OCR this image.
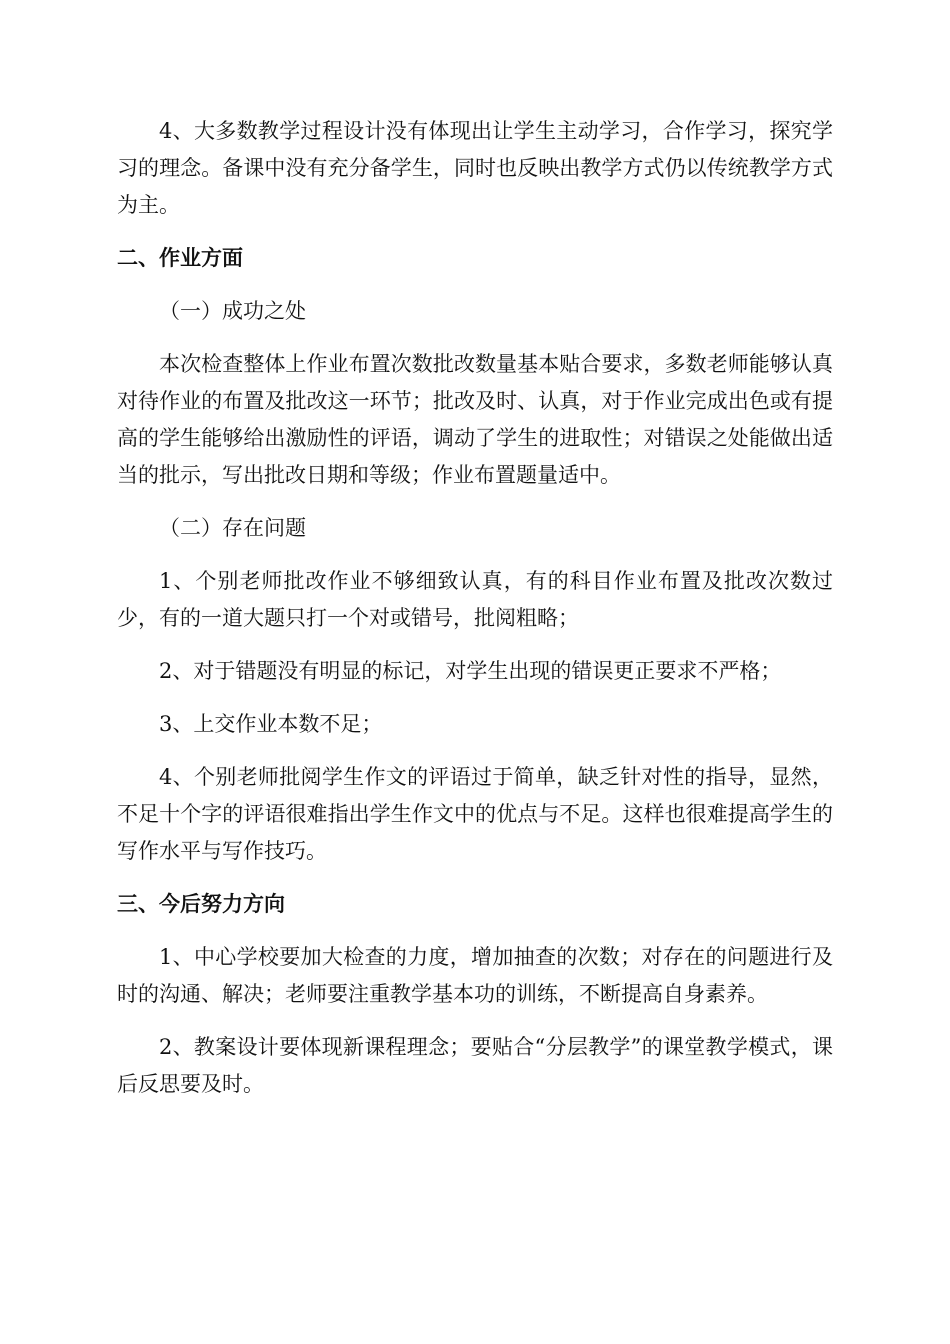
4、大多数教学过程设计没有体现出让学生主动学习，合作学习，探究学习的理念。备课中没有充分备学生，同时也反映出教学方式仍以传统教学方式为主。

二、作业方面

（一）成功之处

本次检查整体上作业布置次数批改数量基本贴合要求，多数老师能够认真对待作业的布置及批改这一环节；批改及时、认真，对于作业完成出色或有提高的学生能够给出激励性的评语，调动了学生的进取性；对错误之处能做出适当的批示，写出批改日期和等级；作业布置题量适中。

（二）存在问题

1、个别老师批改作业不够细致认真，有的科目作业布置及批改次数过少，有的一道大题只打一个对或错号，批阅粗略；

2、对于错题没有明显的标记，对学生出现的错误更正要求不严格；

3、上交作业本数不足；

4、个别老师批阅学生作文的评语过于简单，缺乏针对性的指导，显然，不足十个字的评语很难指出学生作文中的优点与不足。这样也很难提高学生的写作水平与写作技巧。

三、今后努力方向

1、中心学校要加大检查的力度，增加抽查的次数；对存在的问题进行及时的沟通、解决；老师要注重教学基本功的训练，不断提高自身素养。

2、教案设计要体现新课程理念；要贴合“分层教学”的课堂教学模式，课后反思要及时。
